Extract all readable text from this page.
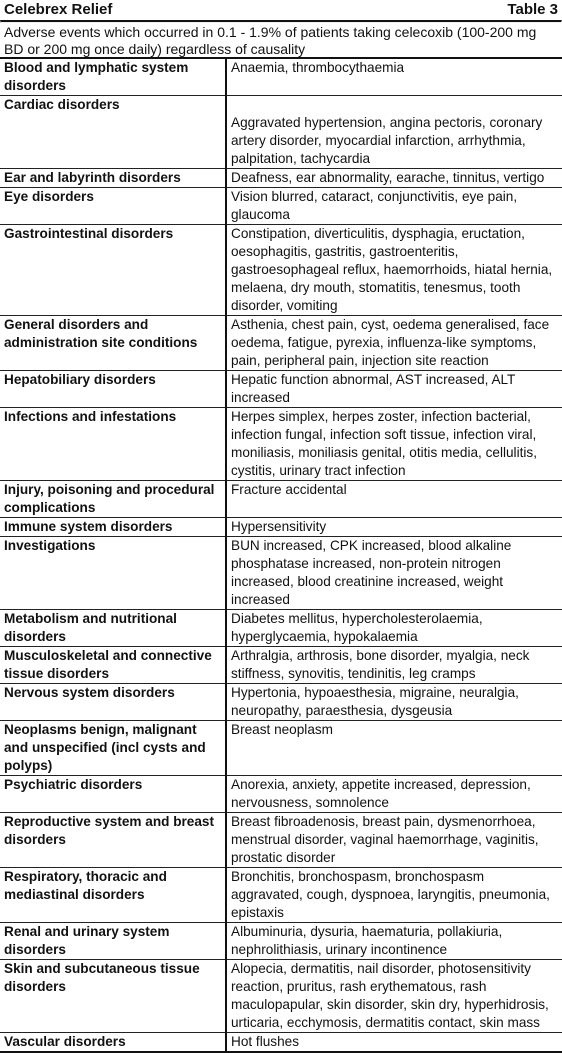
Celebrex Relief	Table 3
Adverse events which occurred in 0.1 - 1.9% of patients taking celecoxib (100-200 mg BD or 200 mg once daily) regardless of causality
Blood and lymphatic system disorders	Anaemia, thrombocythaemia
Cardiac disorders	Aggravated hypertension, angina pectoris, coronary artery disorder, myocardial infarction, arrhythmia, palpitation, tachycardia
Ear and labyrinth disorders	Deafness, ear abnormality, earache, tinnitus, vertigo
Eye disorders	Vision blurred, cataract, conjunctivitis, eye pain, glaucoma
Gastrointestinal disorders	Constipation, diverticulitis, dysphagia, eructation, oesophagitis, gastritis, gastroenteritis, gastroesophageal reflux, haemorrhoids, hiatal hernia, melaena, dry mouth, stomatitis, tenesmus, tooth disorder, vomiting
General disorders and administration site conditions	Asthenia, chest pain, cyst, oedema generalised, face oedema, fatigue, pyrexia, influenza-like symptoms, pain, peripheral pain, injection site reaction
Hepatobiliary disorders	Hepatic function abnormal, AST increased, ALT increased
Infections and infestations	Herpes simplex, herpes zoster, infection bacterial, infection fungal, infection soft tissue, infection viral, moniliasis, moniliasis genital, otitis media, cellulitis, cystitis, urinary tract infection
Injury, poisoning and procedural complications	Fracture accidental
Immune system disorders	Hypersensitivity
Investigations	BUN increased, CPK increased, blood alkaline phosphatase increased, non-protein nitrogen increased, blood creatinine increased, weight increased
Metabolism and nutritional disorders	Diabetes mellitus, hypercholesterolaemia, hyperglycaemia, hypokalaemia
Musculoskeletal and connective tissue disorders	Arthralgia, arthrosis, bone disorder, myalgia, neck stiffness, synovitis, tendinitis, leg cramps
Nervous system disorders	Hypertonia, hypoaesthesia, migraine, neuralgia, neuropathy, paraesthesia, dysgeusia
Neoplasms benign, malignant and unspecified (incl cysts and polyps)	Breast neoplasm
Psychiatric disorders	Anorexia, anxiety, appetite increased, depression, nervousness, somnolence
Reproductive system and breast disorders	Breast fibroadenosis, breast pain, dysmenorrhoea, menstrual disorder, vaginal haemorrhage, vaginitis, prostatic disorder
Respiratory, thoracic and mediastinal disorders	Bronchitis, bronchospasm, bronchospasm aggravated, cough, dyspnoea, laryngitis, pneumonia, epistaxis
Renal and urinary system disorders	Albuminuria, dysuria, haematuria, pollakiuria, nephrolithiasis, urinary incontinence
Skin and subcutaneous tissue disorders	Alopecia, dermatitis, nail disorder, photosensitivity reaction, pruritus, rash erythematous, rash maculopapular, skin disorder, skin dry, hyperhidrosis, urticaria, ecchymosis, dermatitis contact, skin mass
Vascular disorders	Hot flushes
